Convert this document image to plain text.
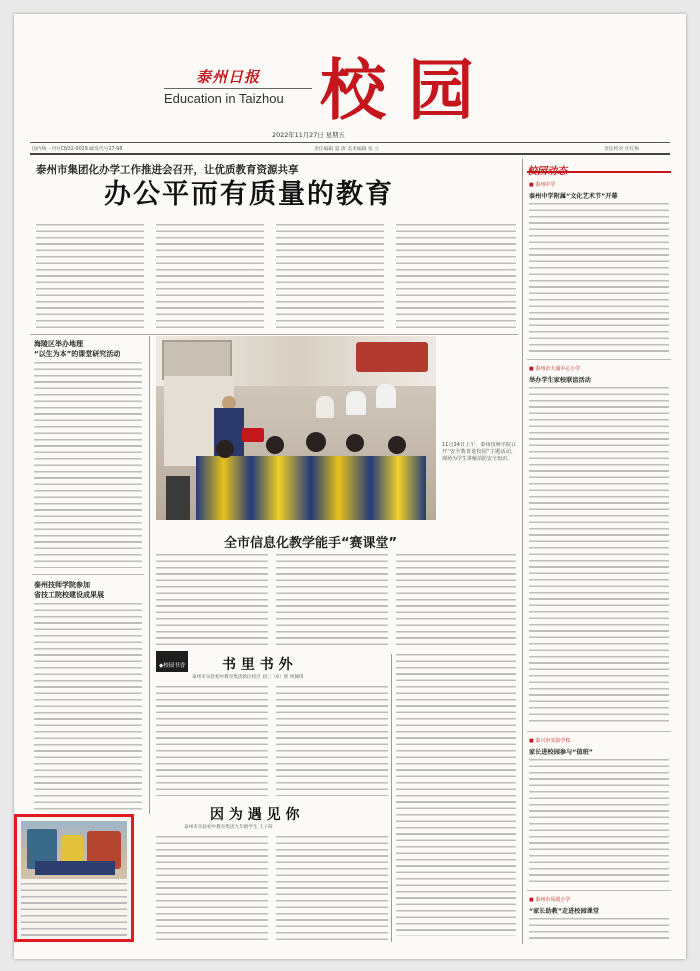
泰州日报
Education in Taizhou 校园
2022年11月27日 星期五
国内统一刊号CN32-0029 邮发代号27-98	责任编辑 夏 唐 美术编辑 张 立	责任校对 许红梅
校园动态
■ 泰州中学
泰州中学附属“文化艺术节”开幕
■ 泰州市大浦中心小学
举办学生家校联谊活动
■ 泰兴市实验学校
家长进校园参与“值班”
■ 泰州市凤凰小学
“家长助教”走进校园课堂
泰州市集团化办学工作推进会召开，让优质教育资源共享
办公平而有质量的教育
海陵区举办地理
“以生为本”的课堂研究活动
泰州技师学院参加
省技工院校建设成果展
11月24日上午，泰州技师学院召开“安全教育进校园”主题活动，现场为学生讲解消防安全知识。
全市信息化教学能手“赛课堂”
◆校园书香	书 里 书 外
泰州市实验初中教育集团新区校区 初三（6）班 周佩琪
因 为 遇 见 你
泰州市实验初中教育集团九年级学生 王子研
